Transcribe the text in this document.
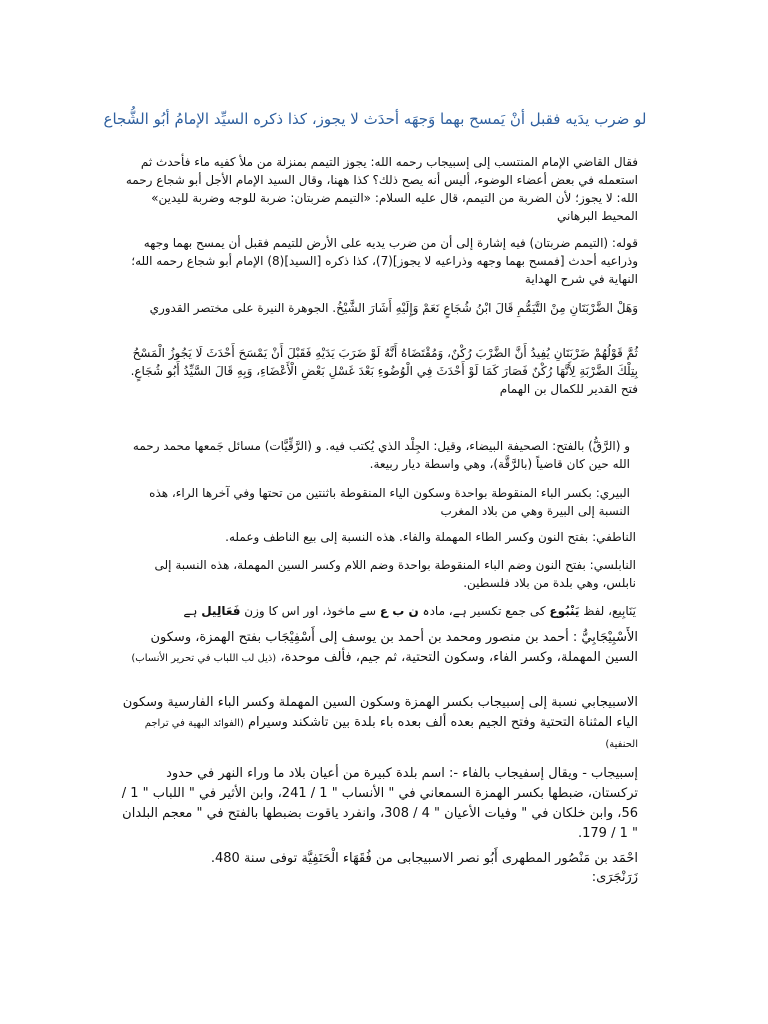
لو ضرب يدَيه فقبل أنْ يَمسح بهما وَجهَه أحدَث لا يجوز، كذا ذكره السيِّد الإمامُ أبُو الشُّجاع

فقال القاضي الإمام المنتسب إلى إسبيجاب رحمه الله: يجوز التيمم بمنزلة من ملأ كفيه ماء فأحدث ثم استعمله في بعض أعضاء الوضوء، أليس أنه يصح ذلك؟ كذا ههنا، وقال السيد الإمام الأجل أبو شجاع رحمه الله: لا يجوز؛ لأن الضربة من التيمم، قال عليه السلام: «التيمم ضربتان: ضربة للوجه وضربة لليدين» المحيط البرهاني

قوله: (التيمم ضربتان) فيه إشارة إلى أن من ضرب يديه على الأرض للتيمم فقبل أن يمسح بهما وجهه وذراعيه أحدث [فمسح بهما وجهه وذراعيه لا يجوز](7)، كذا ذكره [السيد](8) الإمام أبو شجاع رحمه الله؛ النهاية في شرح الهداية

وَهَلْ الضَّرْبَتَانِ مِنْ التَّيَمُّمِ قَالَ ابْنُ شُجَاعٍ نَعَمْ وَإِلَيْهِ أَشَارَ الشَّيْخُ. الجوهرة النيرة على مختصر القدوري

ثُمَّ قَوْلُهُمْ ضَرْبَتَانِ يُفِيدُ أَنَّ الضَّرْبَ رُكْنٌ، وَمُقْتَضَاهُ أَنَّهُ لَوْ ضَرَبَ يَدَيْهِ فَقَبْلَ أَنْ يَمْسَحَ أَحْدَثَ لَا يَجُوزُ الْمَسْحُ بِتِلْكَ الضَّرْبَةِ لِأَنَّهَا رُكْنٌ فَصَارَ كَمَا لَوْ أَحْدَثَ فِي الْوُضُوءِ بَعْدَ غَسْلِ بَعْضِ الْأَعْضَاءِ، وَبِهِ قَالَ السَّيِّدُ أَبُو شُجَاعٍ. فتح القدير للكمال بن الهمام

و (الرَّقُّ) بالفتح: الصحيفة البيضاء، وقيل: الجِلْد الذي يُكتب فيه. و (الرَّقِّيَّات) مسائل جَمعها محمد رحمه الله حين كان قاضياً (بالرَّقَّة)، وهي واسطة ديار ربيعة.

البيري: بكسر الباء المنقوطة بواحدة وسكون الياء المنقوطة باثنتين من تحتها وفي آخرها الراء، هذه النسبة إلى البيرة وهي من بلاد المغرب

الناطفي: بفتح النون وكسر الطاء المهملة والفاء. هذه النسبة إلى بيع الناطف وعمله.

النابلسي: بفتح النون وضم الباء المنقوطة بواحدة وضم اللام وكسر السين المهملة، هذه النسبة إلى نابلس، وهي بلدة من بلاد فلسطين.

يَنَابِيع، لفظ يَنْبُوع کی جمع تکسیر ہے، مادہ ن ب ع سے ماخوذ، اور اس کا وزن فَعَالِيل ہے

الأَسْبِيْجَابِيُّ : أحمد بن منصور ومحمد بن أحمد بن يوسف إلى أَسْفِيْجَاب بفتح الهمزة، وسكون السين المهملة، وكسر الفاء، وسكون التحتية، ثم جيم، فألف موحدة، (ذيل لب اللباب في تحرير الأنساب)

الاسبيجابي نسبة إلى إسبيجاب بكسر الهمزة وسكون السين المهملة وكسر الباء الفارسية وسكون الياء المثناة التحتية وفتح الجيم بعده ألف بعده باء بلدة بين تاشكند وسيرام (الفوائد البهية في تراجم الحنفية)

إسبيجاب - ويقال إسفيجاب بالفاء -: اسم بلدة كبيرة من أعيان بلاد ما وراء النهر في حدود تركستان، ضبطها بكسر الهمزة السمعاني في " الأنساب " 1 / 241، وابن الأثير في " اللباب " 1 / 56، وابن خلكان في " وفيات الأعيان " 4 / 308، وانفرد ياقوت بضبطها بالفتح في " معجم البلدان " 1 / 179.

احْمَد بن مَنْصُور المطهرى أَبُو نصر الاسبيجابى من فُقَهَاء الْحَنَفِيَّة توفى سنة 480.

زَرَنْجَرَى:
